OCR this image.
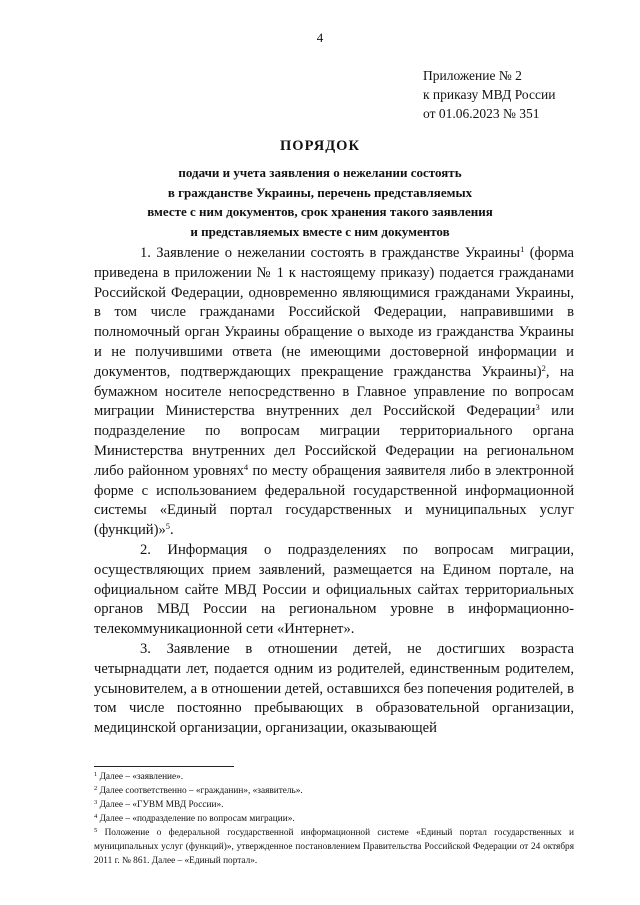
4
Приложение № 2
к приказу МВД России
от 01.06.2023 № 351
ПОРЯДОК
подачи и учета заявления о нежелании состоять
в гражданстве Украины, перечень представляемых
вместе с ним документов, срок хранения такого заявления
и представляемых вместе с ним документов

1. Заявление о нежелании состоять в гражданстве Украины$^1$ (форма приведена в приложении № 1 к настоящему приказу) подается гражданами Российской Федерации, одновременно являющимися гражданами Украины, в том числе гражданами Российской Федерации, направившими в полномочный орган Украины обращение о выходе из гражданства Украины и не получившими ответа (не имеющими достоверной информации и документов, подтверждающих прекращение гражданства Украины)$^2$, на бумажном носителе непосредственно в Главное управление по вопросам миграции Министерства внутренних дел Российской Федерации$^3$ или подразделение по вопросам миграции территориального органа Министерства внутренних дел Российской Федерации на региональном либо районном уровнях$^4$ по месту обращения заявителя либо в электронной форме с использованием федеральной государственной информационной системы «Единый портал государственных и муниципальных услуг (функций)»$^5$.

2. Информация о подразделениях по вопросам миграции, осуществляющих прием заявлений, размещается на Едином портале, на официальном сайте МВД России и официальных сайтах территориальных органов МВД России на региональном уровне в информационно-телекоммуникационной сети «Интернет».

3. Заявление в отношении детей, не достигших возраста четырнадцати лет, подается одним из родителей, единственным родителем, усыновителем, а в отношении детей, оставшихся без попечения родителей, в том числе постоянно пребывающих в образовательной организации, медицинской организации, организации, оказывающей

$^1$ Далее – «заявление».

$^2$ Далее соответственно – «гражданин», «заявитель».

$^3$ Далее – «ГУВМ МВД России».

$^4$ Далее – «подразделение по вопросам миграции».

$^5$ Положение о федеральной государственной информационной системе «Единый портал государственных и муниципальных услуг (функций)», утвержденное постановлением Правительства Российской Федерации от 24 октября 2011 г. № 861. Далее – «Единый портал».
